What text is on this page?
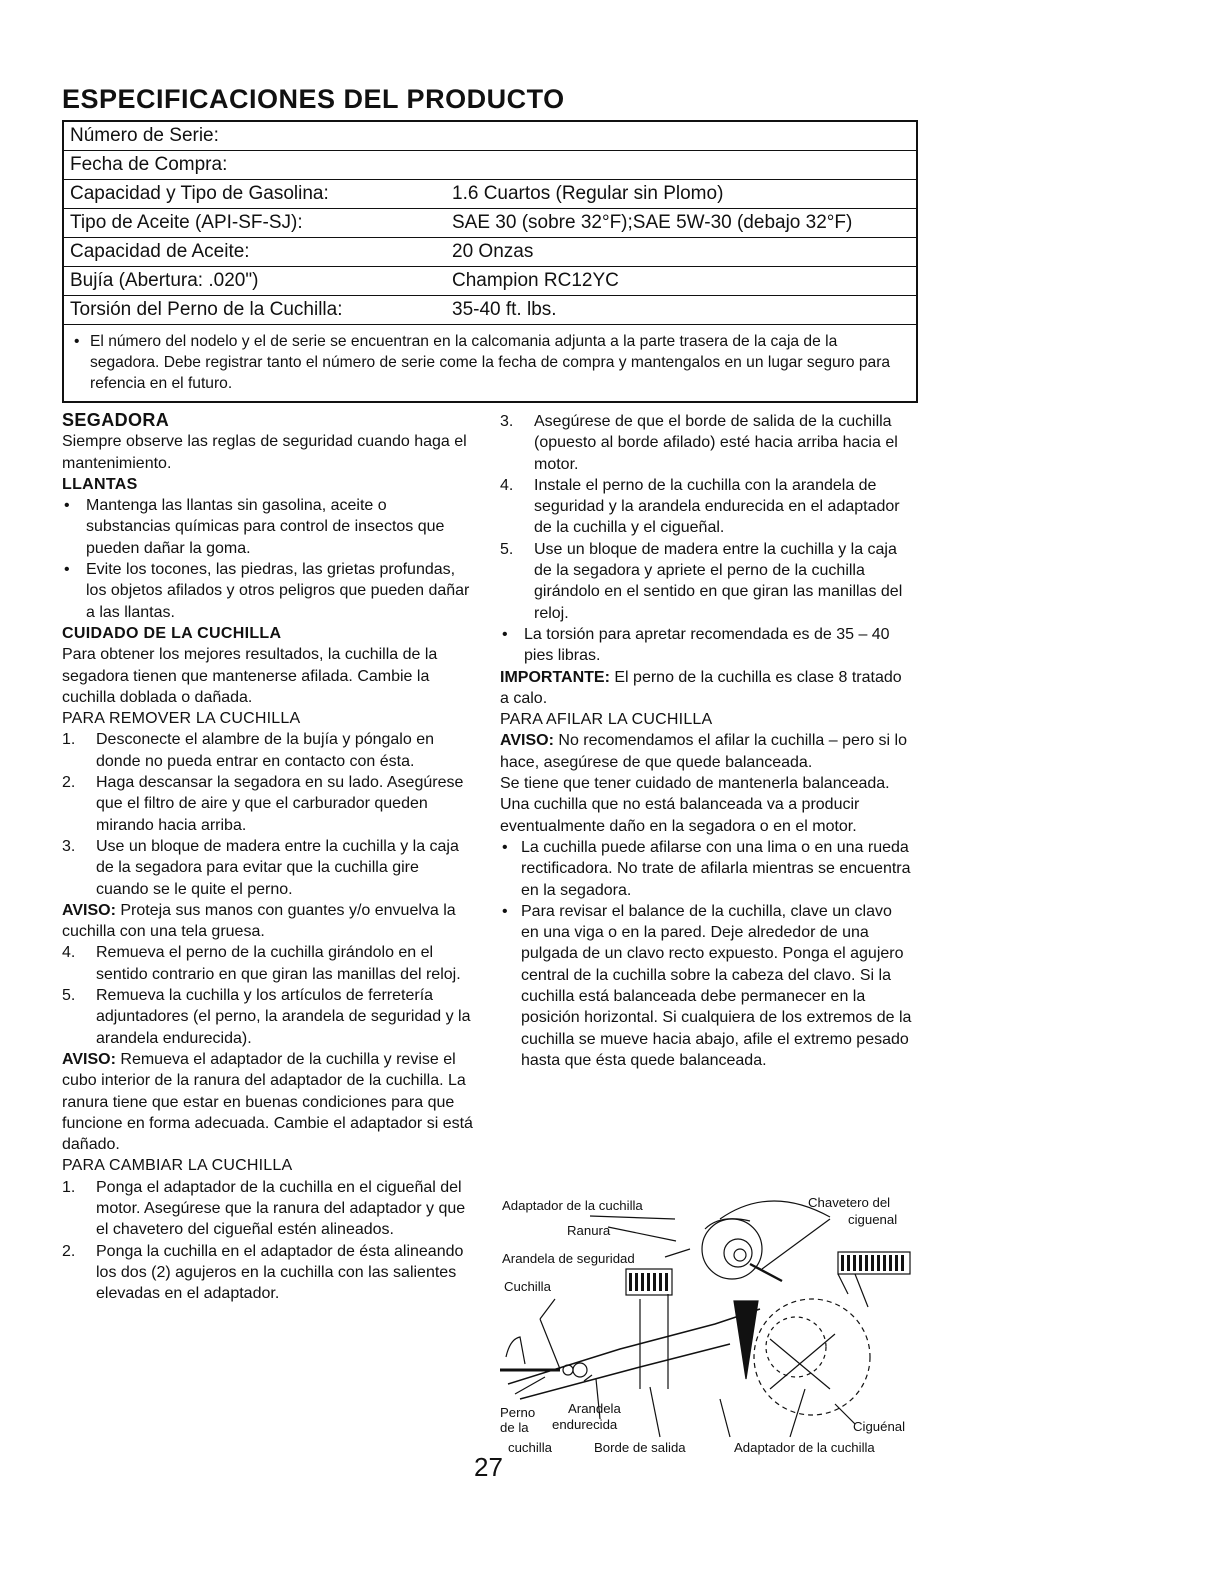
ESPECIFICACIONES DEL PRODUCTO
Número de Serie:	
Fecha de Compra:	
Capacidad y Tipo de Gasolina:	1.6 Cuartos (Regular sin Plomo)
Tipo de Aceite (API-SF-SJ):	SAE 30 (sobre 32°F);SAE 5W-30 (debajo 32°F)
Capacidad de Aceite:	20 Onzas
Bujía (Abertura: .020")	Champion RC12YC
Torsión del Perno de la Cuchilla:	35-40 ft. lbs.
• El número del nodelo y el de serie se encuentran en la calcomania adjunta a la parte trasera de la caja de la segadora. Debe registrar tanto el número de serie come la fecha de compra y mantengalos en un lugar seguro para refencia en el futuro.

SEGADORA

Siempre observe las reglas de seguridad cuando haga el mantenimiento.

LLANTAS

• Mantenga las llantas sin gasolina, aceite o substancias químicas para control de insectos que pueden dañar la goma.
• Evite los tocones, las piedras, las grietas profundas, los objetos afilados y otros peligros que pueden dañar a las llantas.

CUIDADO DE LA CUCHILLA

Para obtener los mejores resultados, la cuchilla de la segadora tienen que mantenerse afilada. Cambie la cuchilla doblada o dañada.

PARA REMOVER LA CUCHILLA

1. Desconecte el alambre de la bujía y póngalo en donde no pueda entrar en contacto con ésta.
2. Haga descansar la segadora en su lado. Asegúrese que el filtro de aire y que el carburador queden mirando hacia arriba.
3. Use un bloque de madera entre la cuchilla y la caja de la segadora para evitar que la cuchilla gire cuando se le quite el perno.

AVISO: Proteja sus manos con guantes y/o envuelva la cuchilla con una tela gruesa.

4. Remueva el perno de la cuchilla girándolo en el sentido contrario en que giran las manillas del reloj.
5. Remueva la cuchilla y los artículos de ferretería adjuntadores (el perno, la arandela de seguridad y la arandela endurecida).

AVISO: Remueva el adaptador de la cuchilla y revise el cubo interior de la ranura del adaptador de la cuchilla. La ranura tiene que estar en buenas condiciones para que funcione en forma adecuada. Cambie el adaptador si está dañado.

PARA CAMBIAR LA CUCHILLA

1. Ponga el adaptador de la cuchilla en el cigueñal del motor. Asegúrese que la ranura del adaptador y que el chavetero del cigueñal estén alineados.
2. Ponga la cuchilla en el adaptador de ésta alineando los dos (2) agujeros en la cuchilla con las salientes elevadas en el adaptador.
3. Asegúrese de que el borde de salida de la cuchilla (opuesto al borde afilado) esté hacia arriba hacia el motor.
4. Instale el perno de la cuchilla con la arandela de seguridad y la arandela endurecida en el adaptador de la cuchilla y el cigueñal.
5. Use un bloque de madera entre la cuchilla y la caja de la segadora y apriete el perno de la cuchilla girándolo en el sentido en que giran las manillas del reloj.
• La torsión para apretar recomendada es de 35 – 40 pies libras.

IMPORTANTE: El perno de la cuchilla es clase 8 tratado a calo.

PARA AFILAR LA CUCHILLA

AVISO: No recomendamos el afilar la cuchilla – pero si lo hace, asegúrese de que quede balanceada.

Se tiene que tener cuidado de mantenerla balanceada. Una cuchilla que no está balanceada va a producir eventualmente daño en la segadora o en el motor.

• La cuchilla puede afilarse con una lima o en una rueda rectificadora. No trate de afilarla mientras se encuentra en la segadora.
• Para revisar el balance de la cuchilla, clave un clavo en una viga o en la pared. Deje alrededor de una pulgada de un clavo recto expuesto. Ponga el agujero central de la cuchilla sobre la cabeza del clavo. Si la cuchilla está balanceada debe permanecer en la posición horizontal. Si cualquiera de los extremos de la cuchilla se mueve hacia abajo, afile el extremo pesado hasta que ésta quede balanceada.
Adaptador de la cuchilla	Chavetero del
ciguenal
Ranura
Arandela de seguridad
Cuchilla
Perno
de la
cuchilla
Arandela
endurecida
Borde de salida	Adaptador de la cuchilla
Ciguénal
27
